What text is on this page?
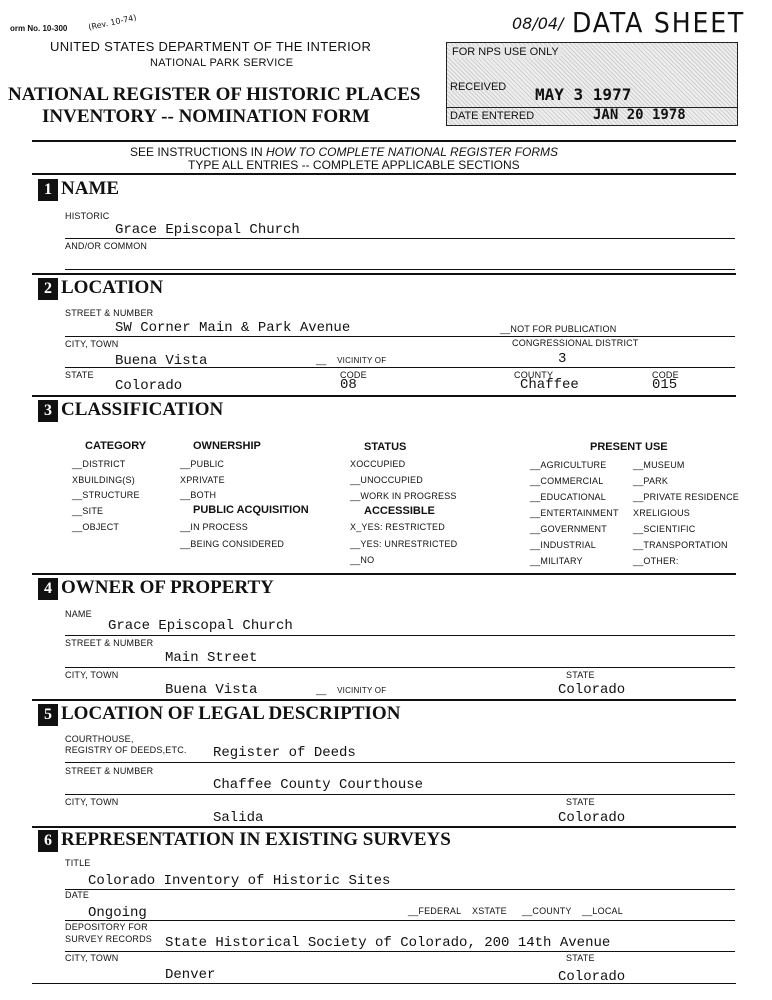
orm No. 10-300	(Rev. 10-74)
UNITED STATES DEPARTMENT OF THE INTERIOR
NATIONAL PARK SERVICE
NATIONAL REGISTER OF HISTORIC PLACES
INVENTORY -- NOMINATION FORM
08/04/ DATA SHEET
FOR NPS USE ONLY
RECEIVED MAY 3 1977
DATE ENTERED	JAN 20 1978
SEE INSTRUCTIONS IN HOW TO COMPLETE NATIONAL REGISTER FORMS
TYPE ALL ENTRIES -- COMPLETE APPLICABLE SECTIONS
1 NAME
HISTORIC
Grace Episcopal Church
AND/OR COMMON
2 LOCATION
STREET & NUMBER
SW Corner Main & Park Avenue	__NOT FOR PUBLICATION
CITY, TOWN	CONGRESSIONAL DISTRICT
Buena Vista	__ VICINITY OF	3
STATE	CODE	COUNTY	CODE
Colorado	08	Chaffee	015
3 CLASSIFICATION
CATEGORY
__DISTRICT
XBUILDING(S)
__STRUCTURE
__SITE
__OBJECT
OWNERSHIP
__PUBLIC
XPRIVATE
__BOTH
PUBLIC ACQUISITION
__IN PROCESS
__BEING CONSIDERED
STATUS
XOCCUPIED
__UNOCCUPIED
__WORK IN PROGRESS
ACCESSIBLE
X_YES: RESTRICTED
__YES: UNRESTRICTED
__NO
PRESENT USE
__AGRICULTURE
__COMMERCIAL
__EDUCATIONAL
__ENTERTAINMENT
__GOVERNMENT
__INDUSTRIAL
__MILITARY
__MUSEUM
__PARK
__PRIVATE RESIDENCE
XRELIGIOUS
__SCIENTIFIC
__TRANSPORTATION
__OTHER:
4 OWNER OF PROPERTY
NAME
Grace Episcopal Church
STREET & NUMBER
Main Street
CITY, TOWN	STATE
Buena Vista	__ VICINITY OF	Colorado
5 LOCATION OF LEGAL DESCRIPTION
COURTHOUSE,
REGISTRY OF DEEDS,ETC. Register of Deeds
STREET & NUMBER
Chaffee County Courthouse
CITY, TOWN	STATE
Salida	Colorado
6 REPRESENTATION IN EXISTING SURVEYS
TITLE
Colorado Inventory of Historic Sites
DATE
Ongoing	__FEDERAL XSTATE __COUNTY __LOCAL
DEPOSITORY FOR
SURVEY RECORDS State Historical Society of Colorado, 200 14th Avenue
CITY, TOWN	STATE
Denver	Colorado
